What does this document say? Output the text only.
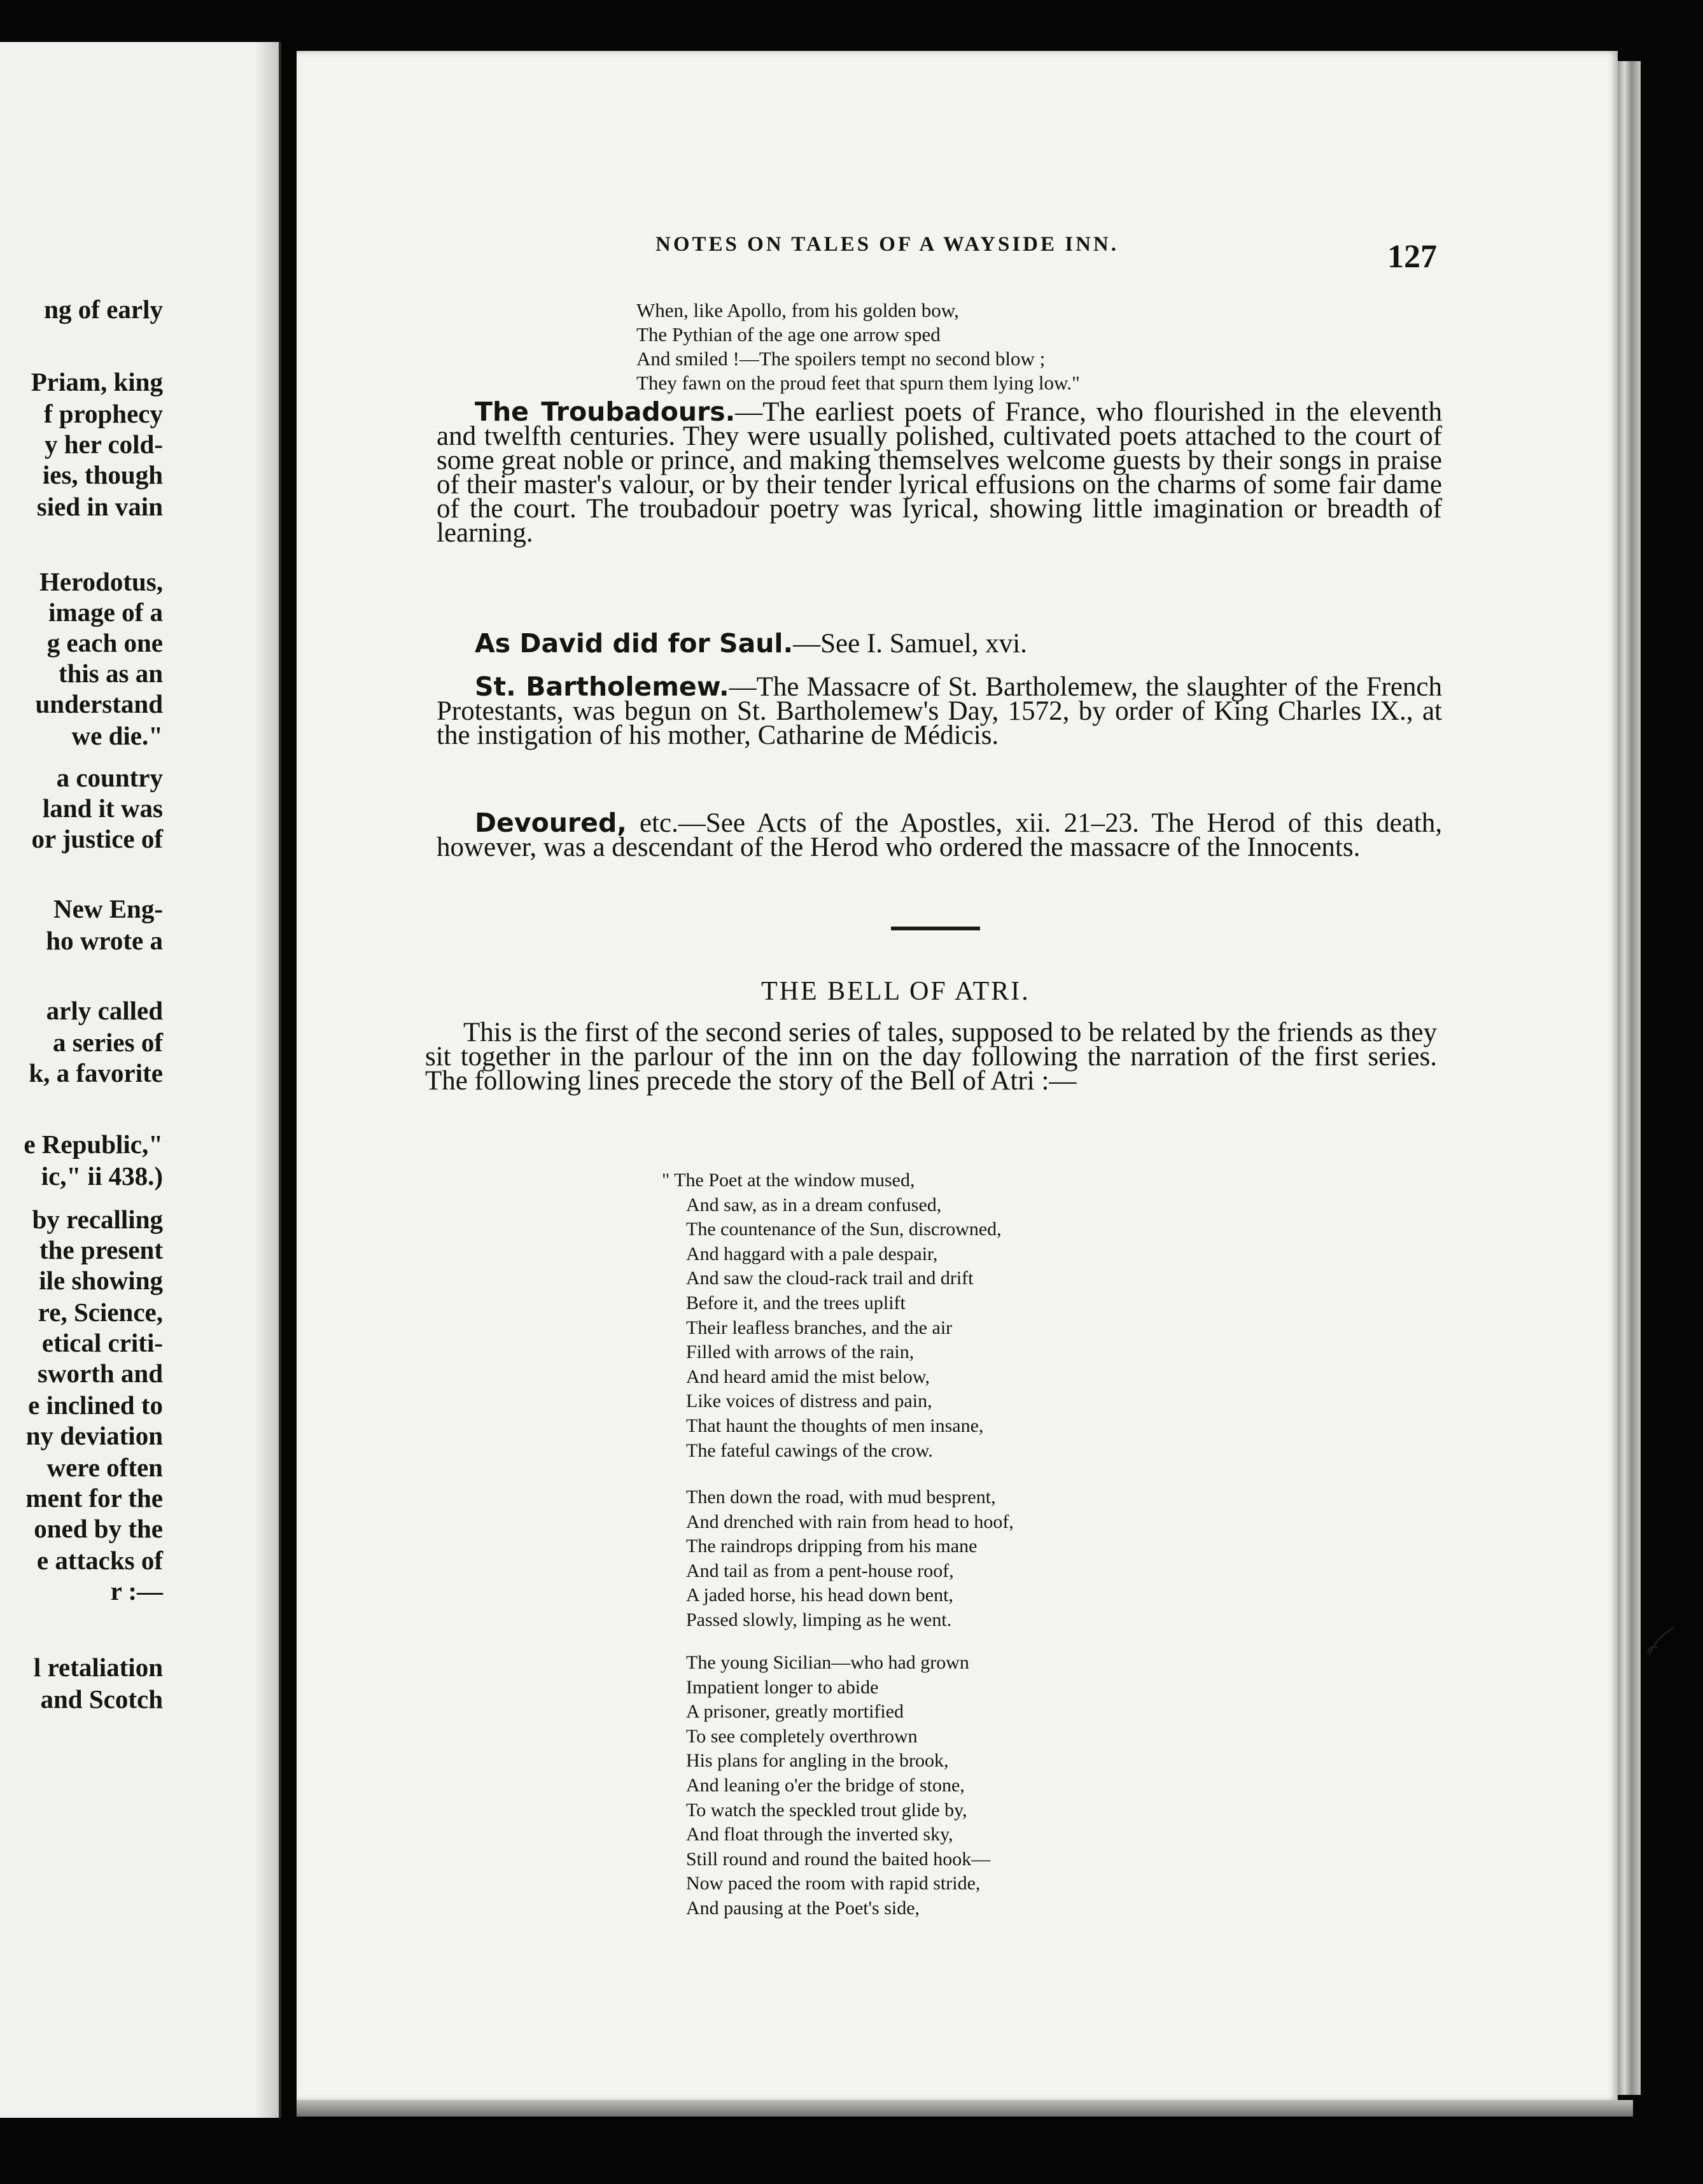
ng of early
Priam, king
f prophecy
y her cold-
ies, though
sied in vain
Herodotus,
image of a
g each one
this as an
understand
we die."
a country
land it was
or justice of
New Eng-
ho wrote a
arly called
a series of
k, a favorite
e Republic,"
ic," ii 438.)
by recalling
the present
ile showing
re, Science,
etical criti-
sworth and
e inclined to
ny deviation
were often
ment for the
oned by the
e attacks of
r :—
l retaliation
and Scotch
NOTES ON TALES OF A WAYSIDE INN.	127
When, like Apollo, from his golden bow,
The Pythian of the age one arrow sped
And smiled !—The spoilers tempt no second blow ;
They fawn on the proud feet that spurn them lying low."
The Troubadours.—The earliest poets of France, who flourished in the eleventh and twelfth centuries. They were usually polished, cultivated poets attached to the court of some great noble or prince, and making themselves welcome guests by their songs in praise of their master's valour, or by their tender lyrical effusions on the charms of some fair dame of the court. The troubadour poetry was lyrical, showing little imagination or breadth of learning.
As David did for Saul.—See I. Samuel, xvi.
St. Bartholemew.—The Massacre of St. Bartholemew, the slaughter of the French Protestants, was begun on St. Bartholemew's Day, 1572, by order of King Charles IX., at the instigation of his mother, Catharine de Médicis.
Devoured, etc.—See Acts of the Apostles, xii. 21–23. The Herod of this death, however, was a descendant of the Herod who ordered the massacre of the Innocents.
THE BELL OF ATRI.
This is the first of the second series of tales, supposed to be related by the friends as they sit together in the parlour of the inn on the day following the narration of the first series. The following lines precede the story of the Bell of Atri :—
" The Poet at the window mused,
And saw, as in a dream confused,
The countenance of the Sun, discrowned,
And haggard with a pale despair,
And saw the cloud-rack trail and drift
Before it, and the trees uplift
Their leafless branches, and the air
Filled with arrows of the rain,
And heard amid the mist below,
Like voices of distress and pain,
That haunt the thoughts of men insane,
The fateful cawings of the crow.
Then down the road, with mud besprent,
And drenched with rain from head to hoof,
The raindrops dripping from his mane
And tail as from a pent-house roof,
A jaded horse, his head down bent,
Passed slowly, limping as he went.
The young Sicilian—who had grown
Impatient longer to abide
A prisoner, greatly mortified
To see completely overthrown
His plans for angling in the brook,
And leaning o'er the bridge of stone,
To watch the speckled trout glide by,
And float through the inverted sky,
Still round and round the baited hook—
Now paced the room with rapid stride,
And pausing at the Poet's side,
